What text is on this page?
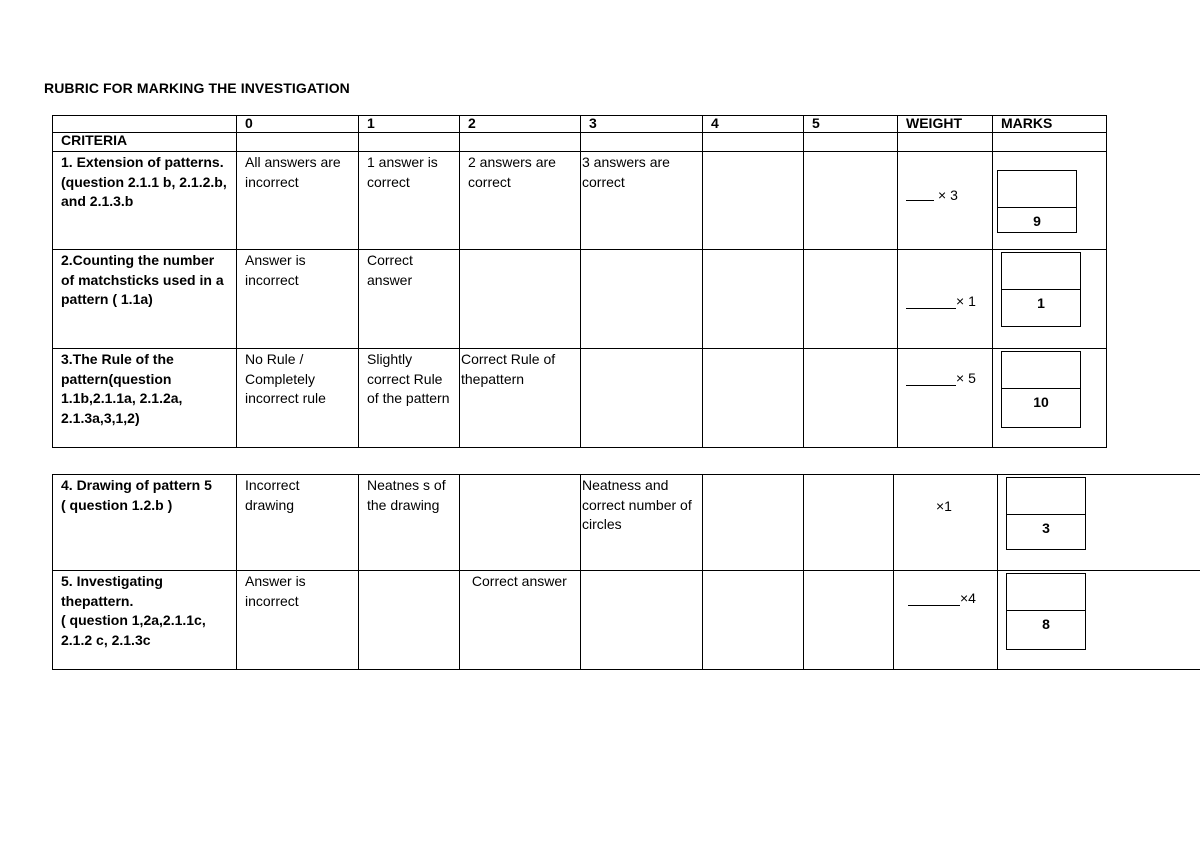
RUBRIC FOR MARKING THE INVESTIGATION
	0	1	2	3	4	5	WEIGHT	MARKS
CRITERIA								
1. Extension of patterns.
(question 2.1.1 b, 2.1.2.b, and 2.1.3.b	All answers are incorrect	1 answer is correct	2 answers are correct	3 answers are correct			× 3	9

2.Counting the number of matchsticks used in a pattern ( 1.1a)	Answer is incorrect	Correct answer					× 1	1

3.The Rule of the pattern(question 1.1b,2.1.1a, 2.1.2a, 2.1.3a,3,1,2)	No Rule / Completely incorrect rule	Slightly correct Rule of the pattern	Correct Rule of thepattern				× 5	10
4. Drawing of pattern 5
( question 1.2.b )	Incorrect drawing	Neatnes s of the drawing		Neatness and correct number of circles			×1	3

5. Investigating thepattern.
( question 1,2a,2.1.1c, 2.1.2 c, 2.1.3c	Answer is incorrect		Correct answer				×4	8
